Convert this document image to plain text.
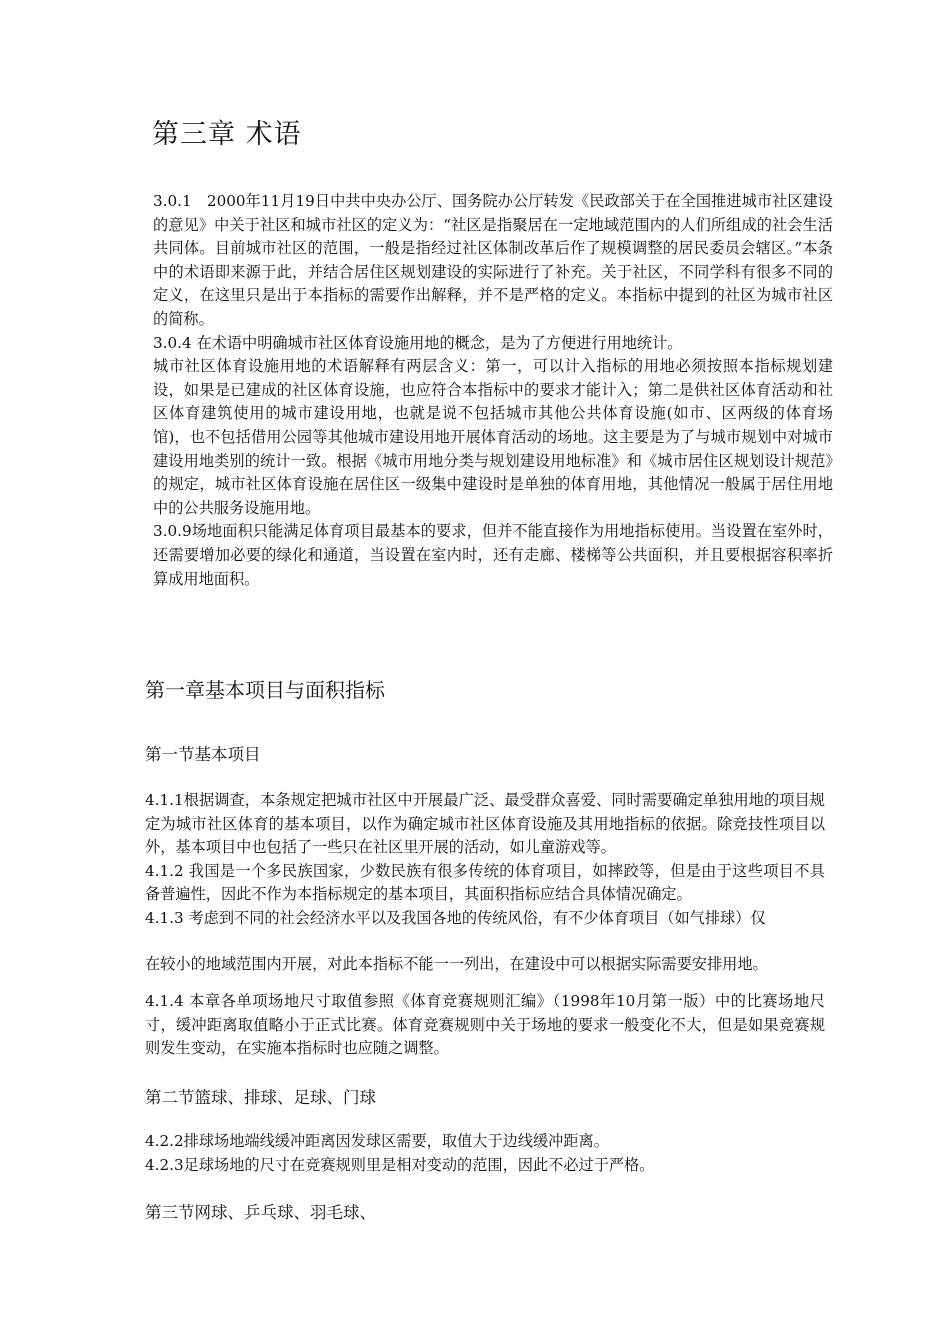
第三章 术语

3.0.1　2000年11月19日中共中央办公厅、国务院办公厅转发《民政部关于在全国推进城市社区建设的意见》中关于社区和城市社区的定义为：“社区是指聚居在一定地域范围内的人们所组成的社会生活共同体。目前城市社区的范围，一般是指经过社区体制改革后作了规模调整的居民委员会辖区。”本条中的术语即来源于此，并结合居住区规划建设的实际进行了补充。关于社区，不同学科有很多不同的定义，在这里只是出于本指标的需要作出解释，并不是严格的定义。本指标中提到的社区为城市社区的简称。

3.0.4 在术语中明确城市社区体育设施用地的概念，是为了方便进行用地统计。

城市社区体育设施用地的术语解释有两层含义：第一，可以计入指标的用地必须按照本指标规划建设，如果是已建成的社区体育设施，也应符合本指标中的要求才能计入；第二是供社区体育活动和社区体育建筑使用的城市建设用地，也就是说不包括城市其他公共体育设施(如市、区两级的体育场馆)，也不包括借用公园等其他城市建设用地开展体育活动的场地。这主要是为了与城市规划中对城市建设用地类别的统计一致。根据《城市用地分类与规划建设用地标准》和《城市居住区规划设计规范》的规定，城市社区体育设施在居住区一级集中建设时是单独的体育用地，其他情况一般属于居住用地中的公共服务设施用地。

3.0.9场地面积只能满足体育项目最基本的要求，但并不能直接作为用地指标使用。当设置在室外时，还需要增加必要的绿化和通道，当设置在室内时，还有走廊、楼梯等公共面积，并且要根据容积率折算成用地面积。

第一章基本项目与面积指标
第一节基本项目

4.1.1根据调查，本条规定把城市社区中开展最广泛、最受群众喜爱、同时需要确定单独用地的项目规定为城市社区体育的基本项目，以作为确定城市社区体育设施及其用地指标的依据。除竞技性项目以外，基本项目中也包括了一些只在社区里开展的活动，如儿童游戏等。

4.1.2 我国是一个多民族国家，少数民族有很多传统的体育项目，如摔跤等，但是由于这些项目不具备普遍性，因此不作为本指标规定的基本项目，其面积指标应结合具体情况确定。

4.1.3 考虑到不同的社会经济水平以及我国各地的传统风俗，有不少体育项目（如气排球）仅

在较小的地域范围内开展，对此本指标不能一一列出，在建设中可以根据实际需要安排用地。

4.1.4 本章各单项场地尺寸取值参照《体育竞赛规则汇编》（1998年10月第一版）中的比赛场地尺寸，缓冲距离取值略小于正式比赛。体育竞赛规则中关于场地的要求一般变化不大，但是如果竞赛规则发生变动，在实施本指标时也应随之调整。

第二节篮球、排球、足球、门球

4.2.2排球场地端线缓冲距离因发球区需要，取值大于边线缓冲距离。

4.2.3足球场地的尺寸在竞赛规则里是相对变动的范围，因此不必过于严格。

第三节网球、乒乓球、羽毛球、
